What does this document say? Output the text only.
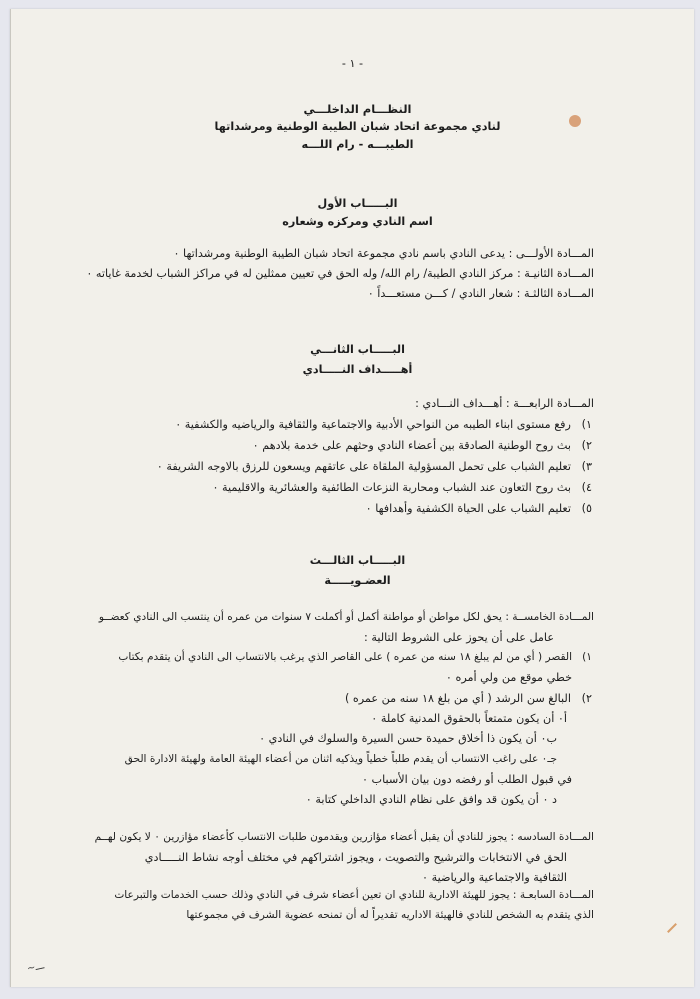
- ١ -
النظـــام الداخلـــي
لنادي مجموعة اتحاد شبان الطيبة الوطنية ومرشداتها
الطيبـــه - رام اللـــه
البـــــاب الأول
اسم النادي ومركزه وشعاره
المـــادة الأولـــى : يدعى النادي باسم نادي مجموعة اتحاد شبان الطيبة الوطنية ومرشداتها ٠
المـــادة الثانيـة : مركز النادي الطيبة/ رام الله/ وله الحق في تعيين ممثلين له في مراكز الشباب لخدمة غاياته ٠
المـــادة الثالثـة : شعار النادي / كـــن مستعـــداً ٠
البـــــاب الثانـــي
أهـــــداف النـــــادي
المـــادة الرابعـــة : أهـــداف النـــادي :
١)   رفع مستوى ابناء الطيبه من النواحي الأدبية والاجتماعية والثقافية والرياضيه والكشفية ٠
٢)   بث روح الوطنية الصادقة بين أعضاء النادي وحثهم على خدمة بلادهم ٠
٣)   تعليم الشباب على تحمل المسؤولية الملقاة على عاتقهم ويسعون للرزق بالاوجه الشريفة ٠
٤)   بث روح التعاون عند الشباب ومحاربة النزعات الطائفية والعشائرية والاقليمية ٠
٥)   تعليم الشباب على الحياة الكشفية وأهدافها ٠
البـــــاب الثالـــث
العضـويـــــة
المـــادة الخامســة : يحق لكل مواطن أو مواطنة أكمل أو أكملت ٧ سنوات من عمره أن ينتسب الى النادي كعضــو
عامل على أن يحوز على الشروط التالية :
١)   القصر ( أي من لم يبلغ ١٨ سنه من عمره ) على القاصر الذي يرغب بالانتساب الى النادي أن يتقدم بكتاب
خطي موقع من ولي أمره ٠
٢)   البالغ سن الرشد ( أي من بلغ ١٨ سنه من عمره )
أ٠ أن يكون متمتعاً بالحقوق المدنية كاملة ٠
ب٠ أن يكون ذا أخلاق حميدة حسن السيرة والسلوك في النادي ٠
جـ٠ على راغب الانتساب أن يقدم طلباً خطياً ويذكيه اثنان من أعضاء الهيئة العامة ولهيئة الادارة الحق
في قبول الطلب أو رفضه دون بيان الأسباب ٠
د ٠ أن يكون قد وافق على نظام النادي الداخلي كتابة ٠
المـــادة السادسه : يجوز للنادي أن يقبل أعضاء مؤازرين ويقدمون طلبات الانتساب كأعضاء مؤازرين ٠ لا يكون لهــم
الحق في الانتخابات والترشيح والتصويت ، ويجوز اشتراكهم في مختلف أوجه نشاط النـــــادي
الثقافية والاجتماعية والرياضية ٠
المـــادة السابعـة : يجوز للهيئة الادارية للنادي ان تعين أعضاء شرف في النادي وذلك حسب الخدمات والتبرعات
الذي يتقدم به الشخص للنادي فالهيئة الاداريه تقديراً له أن تمنحه عضوية الشرف في مجموعتها
~ـــ
